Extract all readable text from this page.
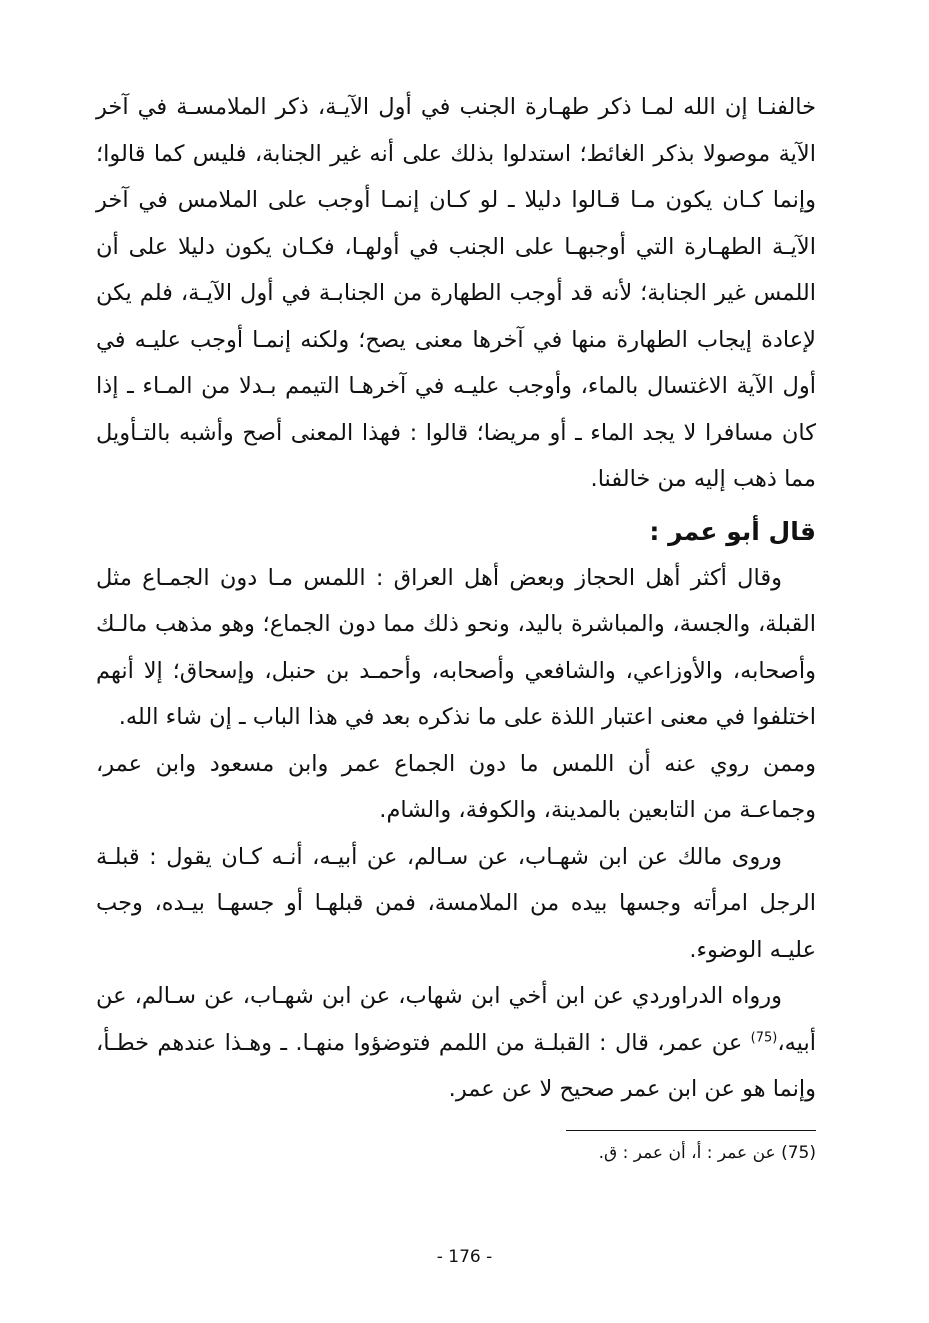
خالفنـا إن الله لمـا ذكر طهـارة الجنب في أول الآيـة، ذكر الملامسـة في آخر الآية موصولا بذكر الغائط؛ استدلوا بذلك على أنه غير الجنابة، فليس كما قالوا؛ وإنما كـان يكون مـا قـالوا دليلا ـ لو كـان إنمـا أوجب على الملامس في آخر الآيـة الطهـارة التي أوجبهـا على الجنب في أولهـا، فكـان يكون دليلا على أن اللمس غير الجنابة؛ لأنه قد أوجب الطهارة من الجنابـة في أول الآيـة، فلم يكن لإعادة إيجاب الطهارة منها في آخرها معنى يصح؛ ولكنه إنمـا أوجب عليـه في أول الآية الاغتسال بالماء، وأوجب عليـه في آخرهـا التيمم بـدلا من المـاء ـ إذا كان مسافرا لا يجد الماء ـ أو مريضا؛ قالوا : فهذا المعنى أصح وأشبه بالتـأويل مما ذهب إليه من خالفنا.

قال أبو عمر :

وقال أكثر أهل الحجاز وبعض أهل العراق : اللمس مـا دون الجمـاع مثل القبلة، والجسة، والمباشرة باليد، ونحو ذلك مما دون الجماع؛ وهو مذهب مالـك وأصحابه، والأوزاعي، والشافعي وأصحابه، وأحمـد بن حنبل، وإسحاق؛ إلا أنهم اختلفوا في معنى اعتبار اللذة على ما نذكره بعد في هذا الباب ـ إن شاء الله.

وممن روي عنه أن اللمس ما دون الجماع عمر وابن مسعود وابن عمر، وجماعـة من التابعين بالمدينة، والكوفة، والشام.

وروى مالك عن ابن شهـاب، عن سـالم، عن أبيـه، أنـه كـان يقول : قبلـة الرجل امرأته وجسها بيده من الملامسة، فمن قبلهـا أو جسهـا بيـده، وجب عليـه الوضوء.

ورواه الدراوردي عن ابن أخي ابن شهاب، عن ابن شهـاب، عن سـالم، عن أبيه،$^{(75)}$ عن عمر، قال : القبلـة من اللمم فتوضؤوا منهـا. ـ وهـذا عندهم خطـأ، وإنما هو عن ابن عمر صحيح لا عن عمر.

(75) عن عمر : أ، أن عمر : ق.
- 176 -
